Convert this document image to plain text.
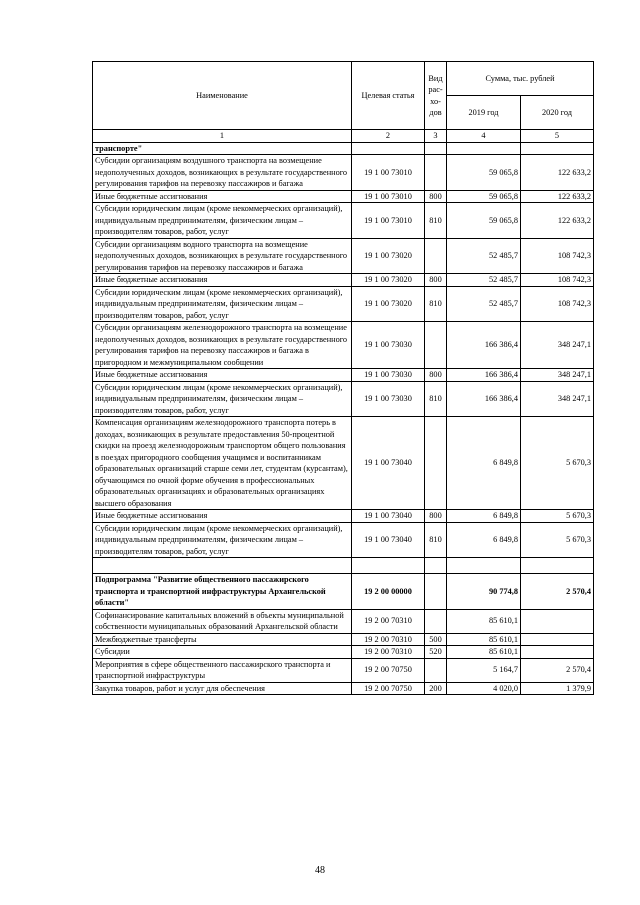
Наименование	Целевая статья	Вид
рас-
хо-
дов	Сумма, тыс. рублей	
			2019 год	2020 год
1	2	3	4	5
транспорте"				
Субсидии организациям воздушного транспорта на возмещение недополученных доходов, возникающих в результате государственного регулирования тарифов на перевозку пассажиров и багажа	19 1 00 73010		59 065,8	122 633,2
Иные бюджетные ассигнования	19 1 00 73010	800	59 065,8	122 633,2
Субсидии юридическим лицам (кроме некоммерческих организаций), индивидуальным предпринимателям, физическим лицам – производителям товаров, работ, услуг	19 1 00 73010	810	59 065,8	122 633,2
Субсидии организациям водного транспорта на возмещение недополученных доходов, возникающих в результате государственного регулирования тарифов на перевозку пассажиров и багажа	19 1 00 73020		52 485,7	108 742,3
Иные бюджетные ассигнования	19 1 00 73020	800	52 485,7	108 742,3
Субсидии юридическим лицам (кроме некоммерческих организаций), индивидуальным предпринимателям, физическим лицам – производителям товаров, работ, услуг	19 1 00 73020	810	52 485,7	108 742,3
Субсидии организациям железнодорожного транспорта на возмещение недополученных доходов, возникающих в результате государственного регулирования тарифов на перевозку пассажиров и багажа в пригородном и межмуниципальном сообщении	19 1 00 73030		166 386,4	348 247,1
Иные бюджетные ассигнования	19 1 00 73030	800	166 386,4	348 247,1
Субсидии юридическим лицам (кроме некоммерческих организаций), индивидуальным предпринимателям, физическим лицам – производителям товаров, работ, услуг	19 1 00 73030	810	166 386,4	348 247,1
Компенсация организациям железнодорожного транспорта потерь в доходах, возникающих в результате предоставления 50-процентной скидки на проезд железнодорожным транспортом общего пользования в поездах пригородного сообщения учащимся и воспитанникам образовательных организаций старше семи лет, студентам (курсантам), обучающимся по очной форме обучения в профессиональных образовательных организациях и образовательных организациях высшего образования	19 1 00 73040		6 849,8	5 670,3
Иные бюджетные ассигнования	19 1 00 73040	800	6 849,8	5 670,3
Субсидии юридическим лицам (кроме некоммерческих организаций), индивидуальным предпринимателям, физическим лицам – производителям товаров, работ, услуг	19 1 00 73040	810	6 849,8	5 670,3

Подпрограмма "Развитие общественного пассажирского транспорта и транспортной инфраструктуры Архангельской области"	19 2 00 00000		90 774,8	2 570,4
Софинансирование капитальных вложений в объекты муниципальной собственности муниципальных образований Архангельской области	19 2 00 70310		85 610,1	
Межбюджетные трансферты	19 2 00 70310	500	85 610,1	
Субсидии	19 2 00 70310	520	85 610,1	
Мероприятия в сфере общественного пассажирского транспорта и транспортной инфраструктуры	19 2 00 70750		5 164,7	2 570,4
Закупка товаров, работ и услуг для обеспечения	19 2 00 70750	200	4 020,0	1 379,9
48
